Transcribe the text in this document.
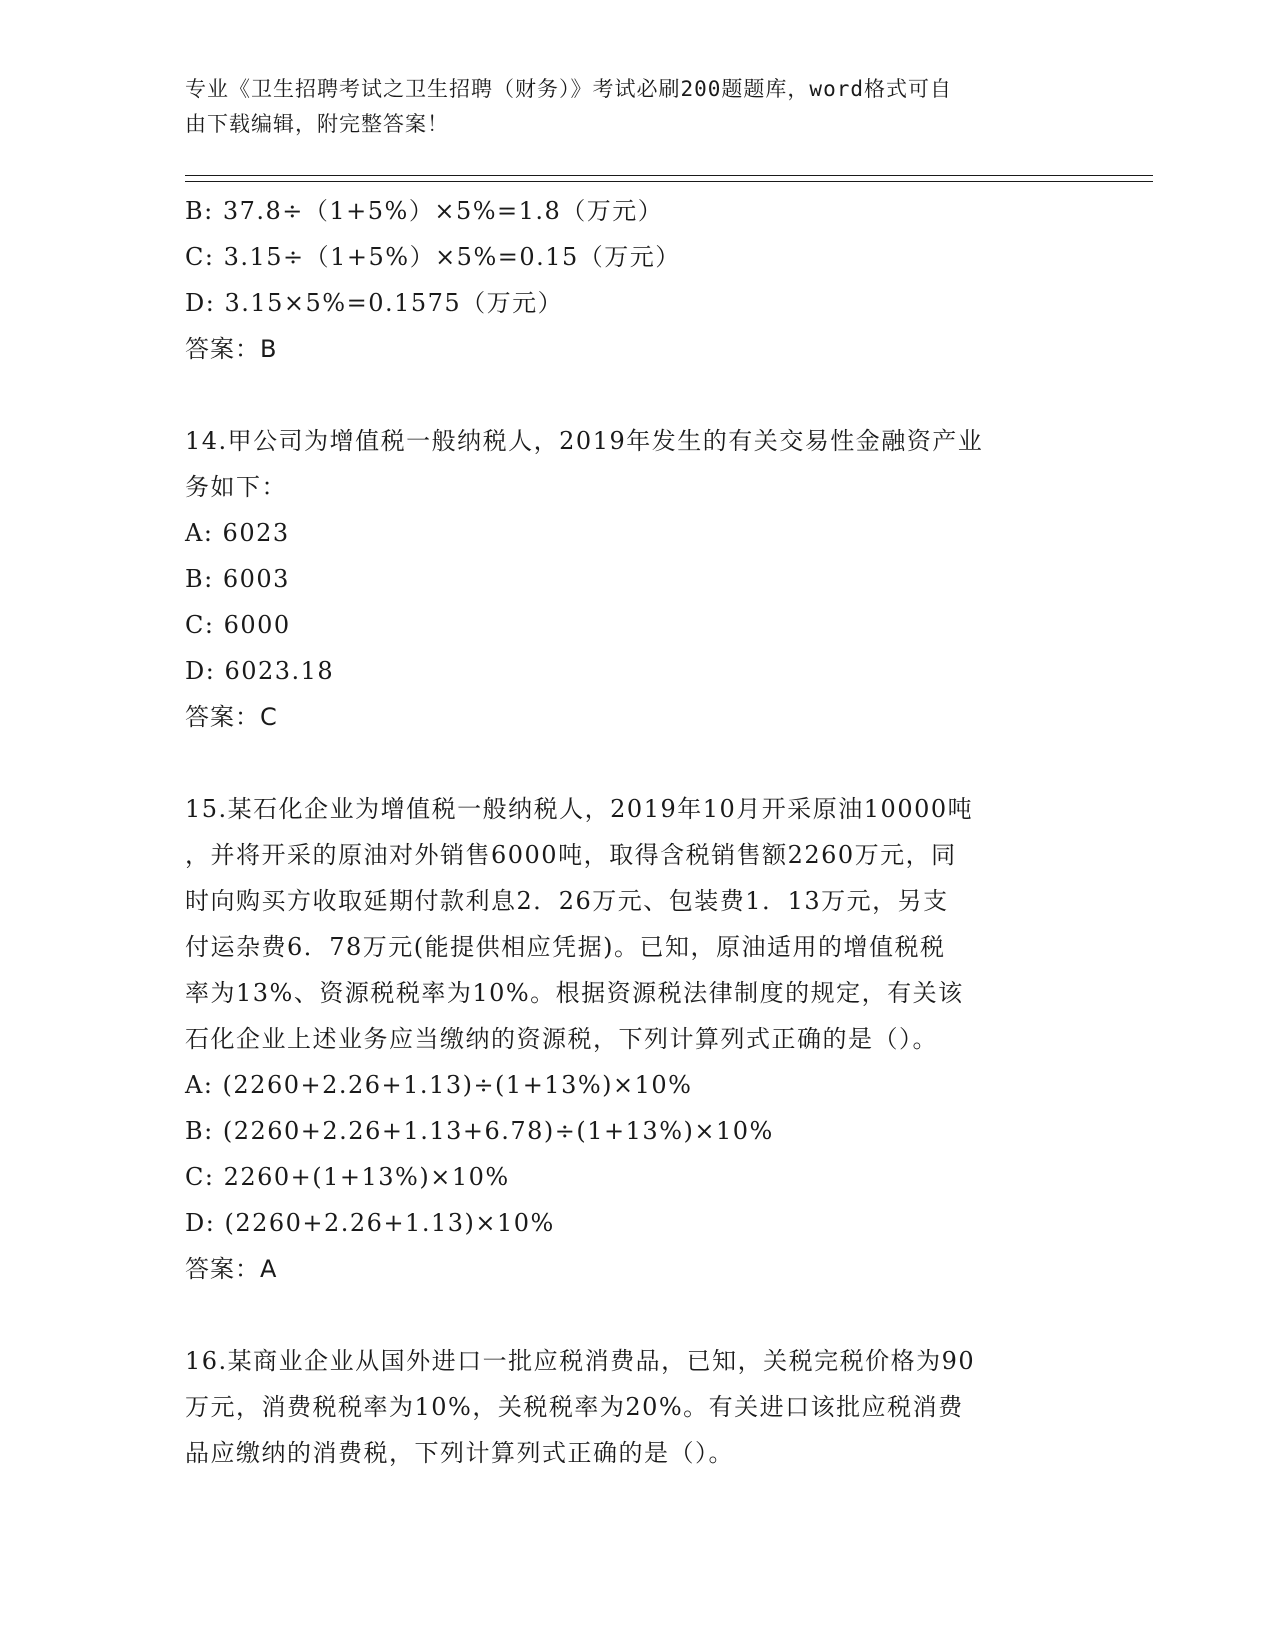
专业《卫生招聘考试之卫生招聘（财务）》考试必刷200题题库，word格式可自
由下载编辑，附完整答案！
B: 37.8÷（1+5%）×5%=1.8（万元）
C: 3.15÷（1+5%）×5%=0.15（万元）
D: 3.15×5%=0.1575（万元）
答案：B
14.甲公司为增值税一般纳税人，2019年发生的有关交易性金融资产业
务如下：
A: 6023
B: 6003
C: 6000
D: 6023.18
答案：C
15.某石化企业为增值税一般纳税人，2019年10月开采原油10000吨
，并将开采的原油对外销售6000吨，取得含税销售额2260万元，同
时向购买方收取延期付款利息2．26万元、包装费1．13万元，另支
付运杂费6．78万元(能提供相应凭据)。已知，原油适用的增值税税
率为13%、资源税税率为10%。根据资源税法律制度的规定，有关该
石化企业上述业务应当缴纳的资源税，下列计算列式正确的是（）。
A: (2260+2.26+1.13)÷(1+13%)×10%
B: (2260+2.26+1.13+6.78)÷(1+13%)×10%
C: 2260+(1+13%)×10%
D: (2260+2.26+1.13)×10%
答案：A
16.某商业企业从国外进口一批应税消费品，已知，关税完税价格为90
万元，消费税税率为10%，关税税率为20%。有关进口该批应税消费
品应缴纳的消费税，下列计算列式正确的是（）。
